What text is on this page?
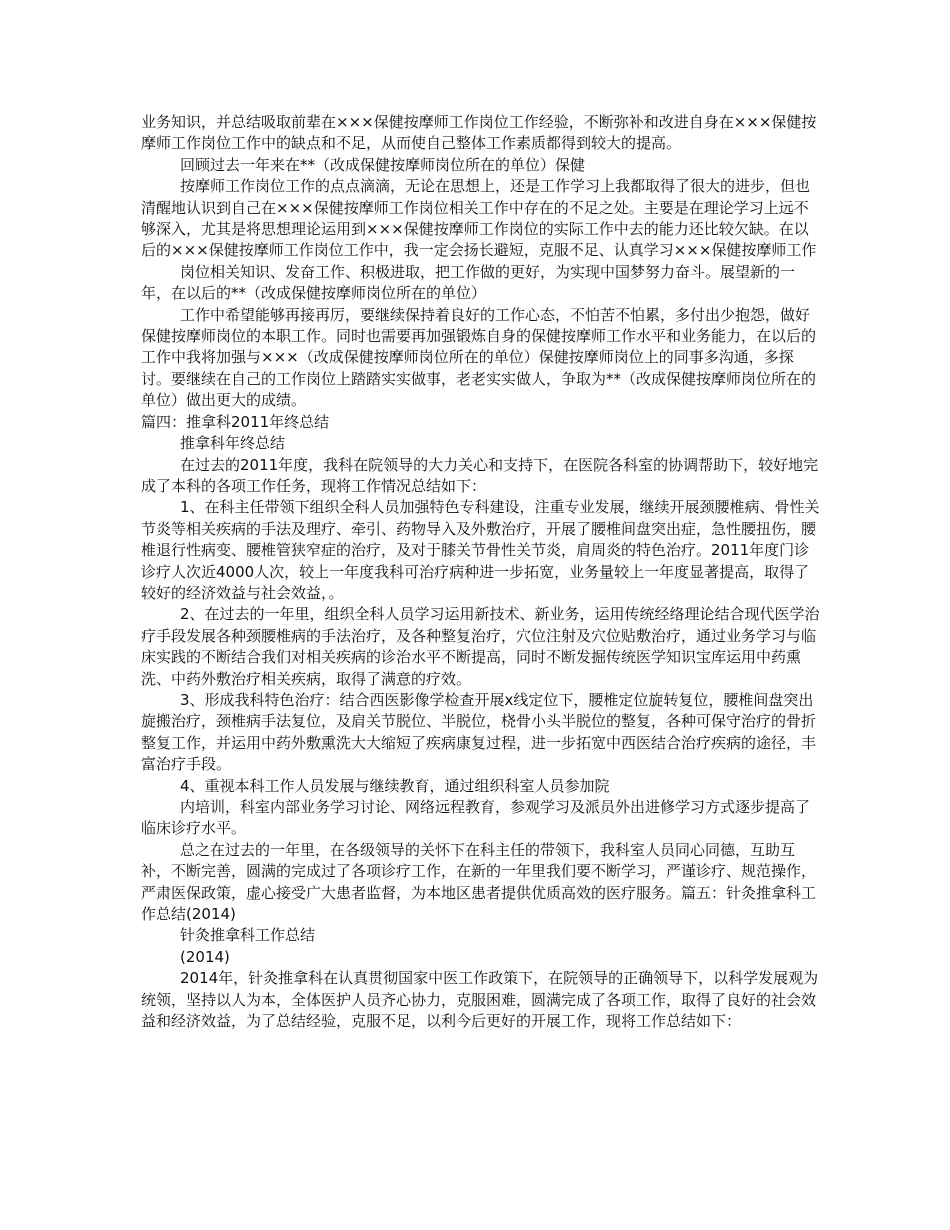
业务知识，并总结吸取前辈在×××保健按摩师工作岗位工作经验，不断弥补和改进自身在×××保健按摩师工作岗位工作中的缺点和不足，从而使自己整体工作素质都得到较大的提高。

回顾过去一年来在**（改成保健按摩师岗位所在的单位）保健

按摩师工作岗位工作的点点滴滴，无论在思想上，还是工作学习上我都取得了很大的进步，但也清醒地认识到自己在×××保健按摩师工作岗位相关工作中存在的不足之处。主要是在理论学习上远不够深入，尤其是将思想理论运用到×××保健按摩师工作岗位的实际工作中去的能力还比较欠缺。在以后的×××保健按摩师工作岗位工作中，我一定会扬长避短，克服不足、认真学习×××保健按摩师工作

岗位相关知识、发奋工作、积极进取，把工作做的更好，为实现中国梦努力奋斗。展望新的一年，在以后的**（改成保健按摩师岗位所在的单位）

工作中希望能够再接再厉，要继续保持着良好的工作心态，不怕苦不怕累，多付出少抱怨，做好保健按摩师岗位的本职工作。同时也需要再加强锻炼自身的保健按摩师工作水平和业务能力，在以后的工作中我将加强与×××（改成保健按摩师岗位所在的单位）保健按摩师岗位上的同事多沟通，多探讨。要继续在自己的工作岗位上踏踏实实做事，老老实实做人，争取为**（改成保健按摩师岗位所在的单位）做出更大的成绩。

篇四：推拿科2011年终总结

推拿科年终总结

在过去的2011年度，我科在院领导的大力关心和支持下，在医院各科室的协调帮助下，较好地完成了本科的各项工作任务，现将工作情况总结如下：

1、在科主任带领下组织全科人员加强特色专科建设，注重专业发展，继续开展颈腰椎病、骨性关节炎等相关疾病的手法及理疗、牵引、药物导入及外敷治疗，开展了腰椎间盘突出症，急性腰扭伤，腰椎退行性病变、腰椎管狭窄症的治疗，及对于膝关节骨性关节炎，肩周炎的特色治疗。2011年度门诊诊疗人次近4000人次，较上一年度我科可治疗病种进一步拓宽，业务量较上一年度显著提高，取得了较好的经济效益与社会效益，。

2、在过去的一年里，组织全科人员学习运用新技术、新业务，运用传统经络理论结合现代医学治疗手段发展各种颈腰椎病的手法治疗，及各种整复治疗，穴位注射及穴位贴敷治疗，通过业务学习与临床实践的不断结合我们对相关疾病的诊治水平不断提高，同时不断发掘传统医学知识宝库运用中药熏洗、中药外敷治疗相关疾病，取得了满意的疗效。

3、形成我科特色治疗：结合西医影像学检查开展x线定位下，腰椎定位旋转复位，腰椎间盘突出旋搬治疗，颈椎病手法复位，及肩关节脱位、半脱位，桡骨小头半脱位的整复，各种可保守治疗的骨折整复工作，并运用中药外敷熏洗大大缩短了疾病康复过程，进一步拓宽中西医结合治疗疾病的途径，丰富治疗手段。

4、重视本科工作人员发展与继续教育，通过组织科室人员参加院

内培训，科室内部业务学习讨论、网络远程教育，参观学习及派员外出进修学习方式逐步提高了临床诊疗水平。

总之在过去的一年里，在各级领导的关怀下在科主任的带领下，我科室人员同心同德，互助互补，不断完善，圆满的完成过了各项诊疗工作，在新的一年里我们要不断学习，严谨诊疗、规范操作，严肃医保政策，虚心接受广大患者监督，为本地区患者提供优质高效的医疗服务。篇五：针灸推拿科工作总结(2014)

针灸推拿科工作总结

(2014)

2014年，针灸推拿科在认真贯彻国家中医工作政策下，在院领导的正确领导下，以科学发展观为统领，坚持以人为本，全体医护人员齐心协力，克服困难，圆满完成了各项工作，取得了良好的社会效益和经济效益，为了总结经验，克服不足，以利今后更好的开展工作，现将工作总结如下：
